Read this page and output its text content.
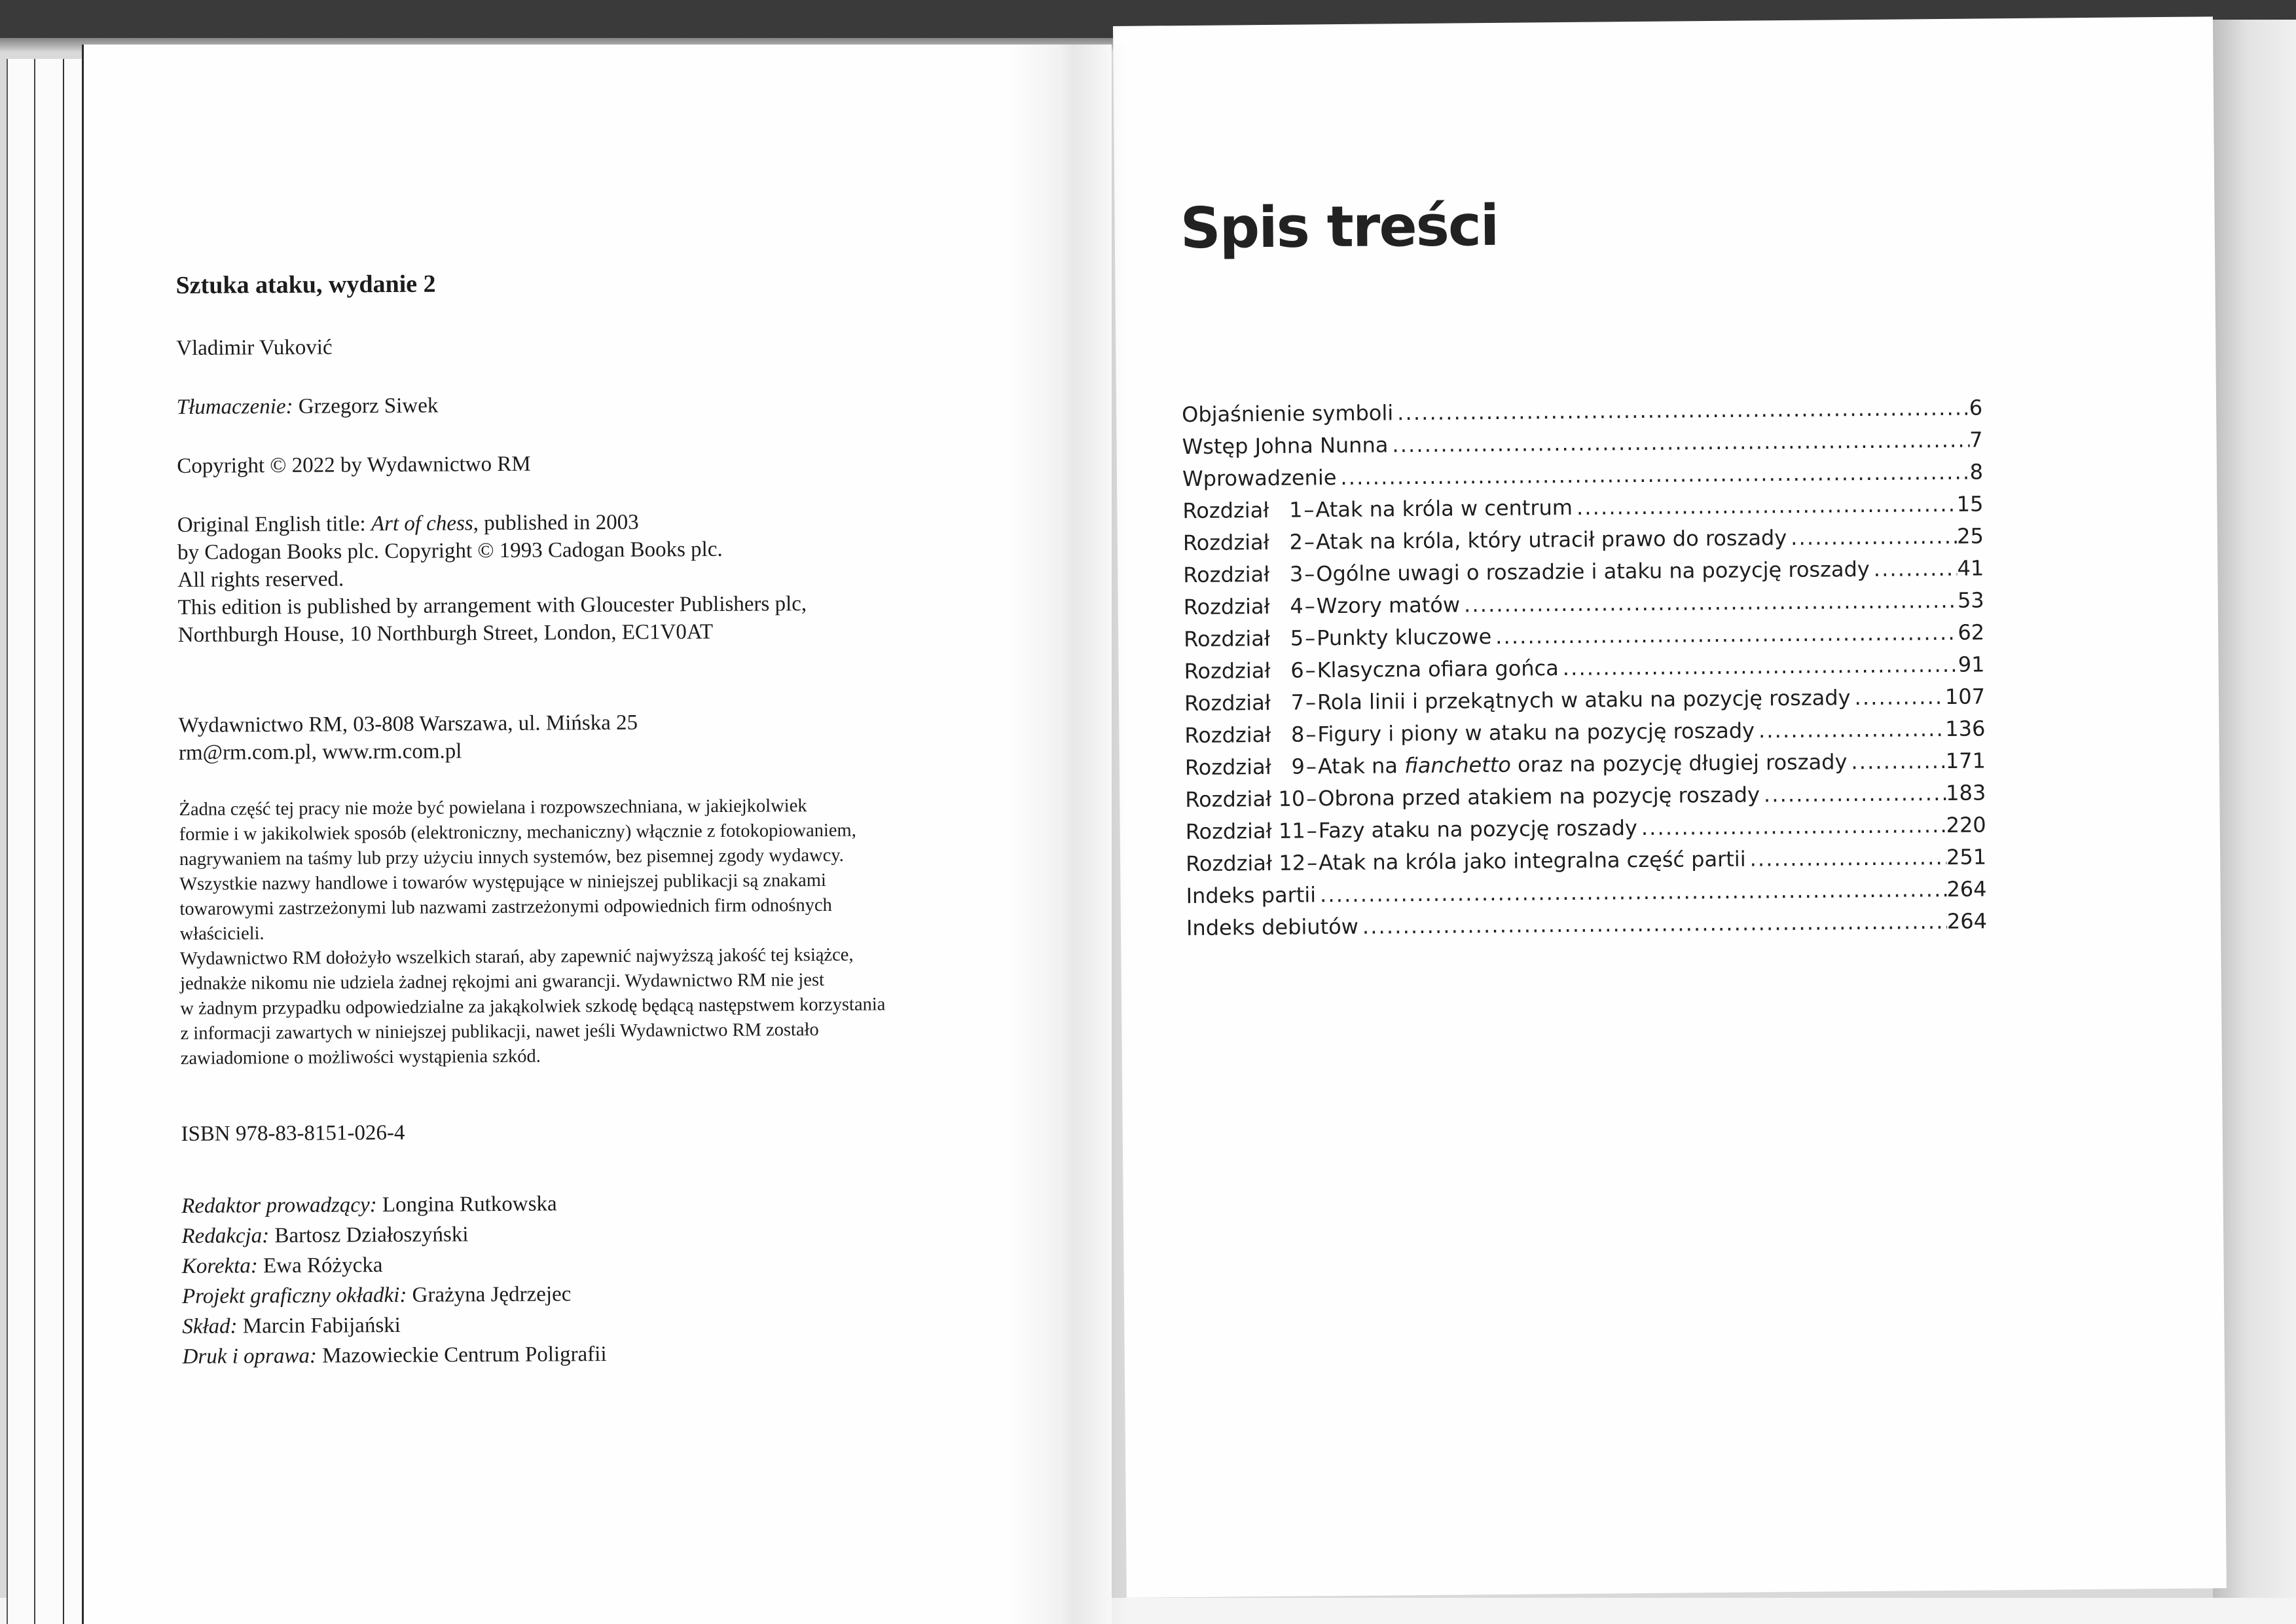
Sztuka ataku, wydanie 2
Vladimir Vuković
Tłumaczenie: Grzegorz Siwek
Copyright © 2022 by Wydawnictwo RM
Original English title: Art of chess, published in 2003
by Cadogan Books plc. Copyright © 1993 Cadogan Books plc.
All rights reserved.
This edition is published by arrangement with Gloucester Publishers plc,
Northburgh House, 10 Northburgh Street, London, EC1V0AT
Wydawnictwo RM, 03-808 Warszawa, ul. Mińska 25
rm@rm.com.pl, www.rm.com.pl
Żadna część tej pracy nie może być powielana i rozpowszechniana, w jakiejkolwiek
formie i w jakikolwiek sposób (elektroniczny, mechaniczny) włącznie z fotokopiowaniem,
nagrywaniem na taśmy lub przy użyciu innych systemów, bez pisemnej zgody wydawcy.
Wszystkie nazwy handlowe i towarów występujące w niniejszej publikacji są znakami
towarowymi zastrzeżonymi lub nazwami zastrzeżonymi odpowiednich firm odnośnych
właścicieli.
Wydawnictwo RM dołożyło wszelkich starań, aby zapewnić najwyższą jakość tej książce,
jednakże nikomu nie udziela żadnej rękojmi ani gwarancji. Wydawnictwo RM nie jest
w żadnym przypadku odpowiedzialne za jakąkolwiek szkodę będącą następstwem korzystania
z informacji zawartych w niniejszej publikacji, nawet jeśli Wydawnictwo RM zostało
zawiadomione o możliwości wystąpienia szkód.
ISBN 978-83-8151-026-4
Redaktor prowadzący: Longina Rutkowska
Redakcja: Bartosz Działoszyński
Korekta: Ewa Różycka
Projekt graficzny okładki: Grażyna Jędrzejec
Skład: Marcin Fabijański
Druk i oprawa: Mazowieckie Centrum Poligrafii
Spis treści
Objaśnienie symboli . . .	6
Wstęp Johna Nunna . . .	7
Wprowadzenie . . .	8
Rozdział 1–Atak na króla w centrum . . .	15
Rozdział 2–Atak na króla, który utracił prawo do roszady . . .	25
Rozdział 3–Ogólne uwagi o roszadzie i ataku na pozycję roszady . . .	41
Rozdział 4–Wzory matów . . .	53
Rozdział 5–Punkty kluczowe . . .	62
Rozdział 6–Klasyczna ofiara gońca . . .	91
Rozdział 7–Rola linii i przekątnych w ataku na pozycję roszady . . .	107
Rozdział 8–Figury i piony w ataku na pozycję roszady . . .	136
Rozdział 9–Atak na fianchetto oraz na pozycję długiej roszady . . .	171
Rozdział 10–Obrona przed atakiem na pozycję roszady . . .	183
Rozdział 11–Fazy ataku na pozycję roszady . . .	220
Rozdział 12–Atak na króla jako integralna część partii . . .	251
Indeks partii . . .	264
Indeks debiutów . . .	264
